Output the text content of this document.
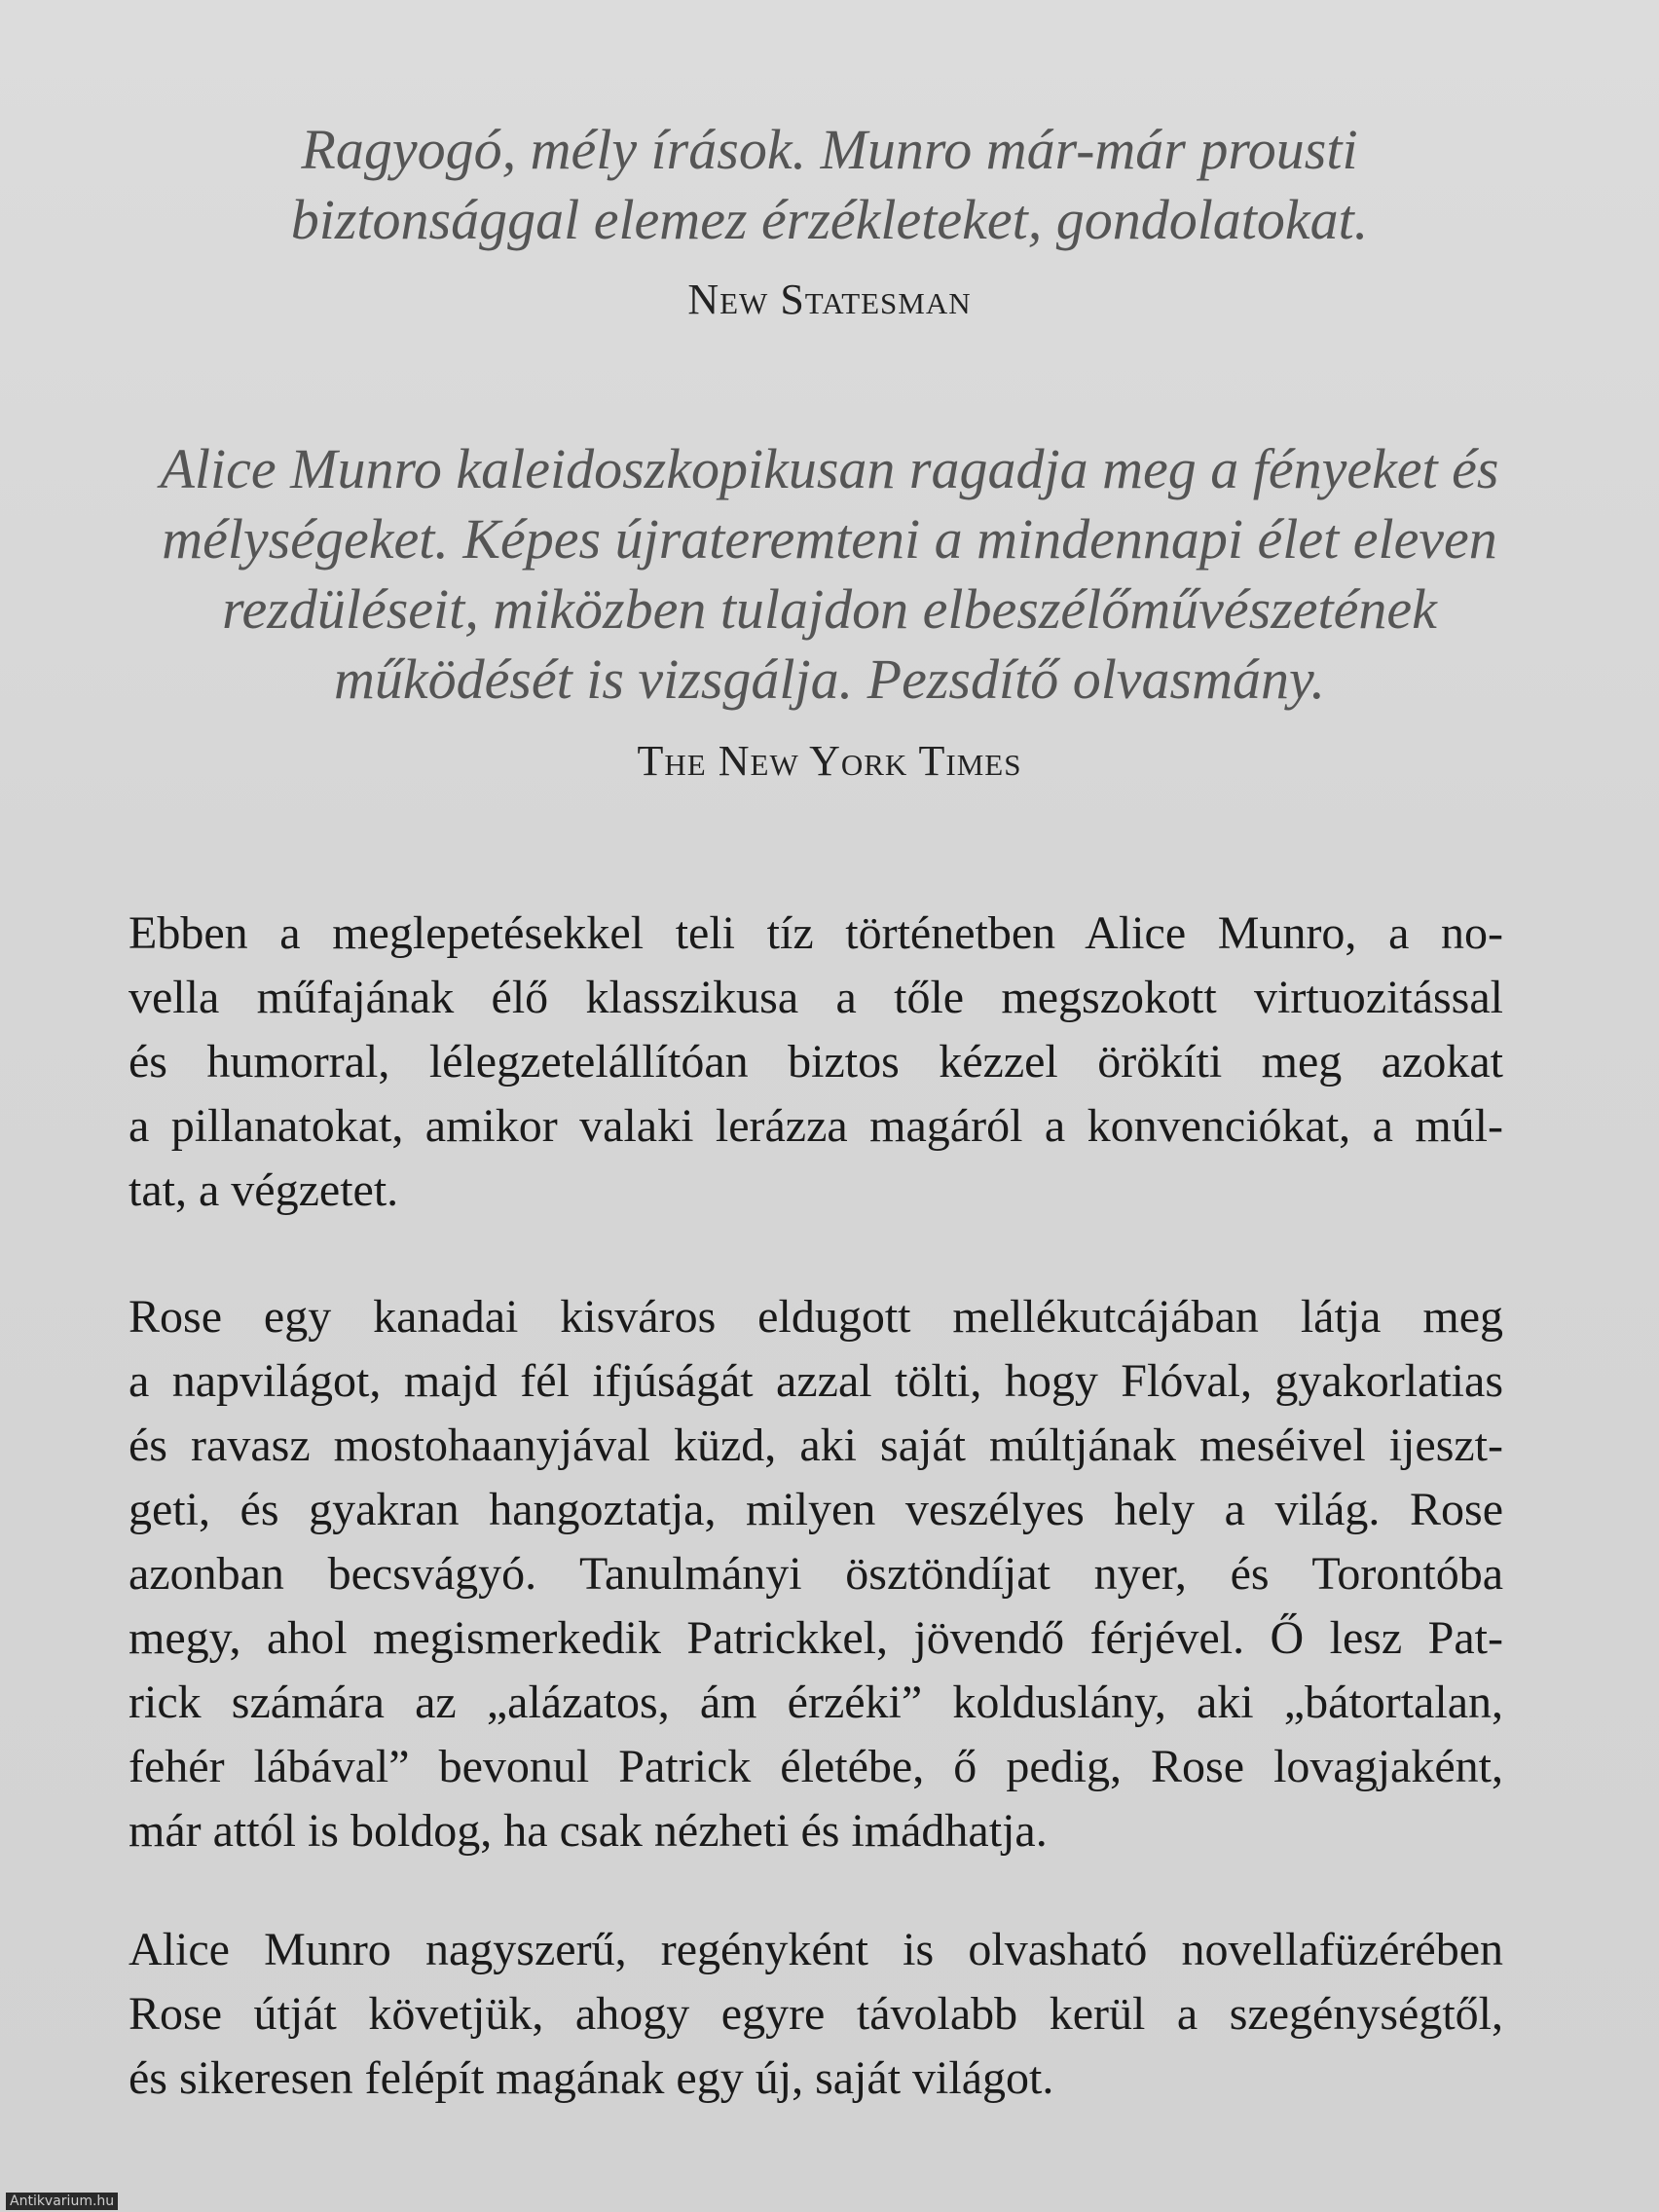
Ragyogó, mély írások. Munro már-már prousti
biztonsággal elemez érzékleteket, gondolatokat.
New Statesman
Alice Munro kaleidoszkopikusan ragadja meg a fényeket és
mélységeket. Képes újrateremteni a mindennapi élet eleven
rezdüléseit, miközben tulajdon elbeszélőművészetének
működését is vizsgálja. Pezsdítő olvasmány.
The New York Times
Ebben a meglepetésekkel teli tíz történetben Alice Munro, a no-
vella műfajának élő klasszikusa a tőle megszokott virtuozitással
és humorral, lélegzetelállítóan biztos kézzel örökíti meg azokat
a pillanatokat, amikor valaki lerázza magáról a konvenciókat, a múl-
tat, a végzetet.
Rose egy kanadai kisváros eldugott mellékutcájában látja meg
a napvilágot, majd fél ifjúságát azzal tölti, hogy Flóval, gyakorlatias
és ravasz mostohaanyjával küzd, aki saját múltjának meséivel ijeszt-
geti, és gyakran hangoztatja, milyen veszélyes hely a világ. Rose
azonban becsvágyó. Tanulmányi ösztöndíjat nyer, és Torontóba
megy, ahol megismerkedik Patrickkel, jövendő férjével. Ő lesz Pat-
rick számára az „alázatos, ám érzéki” kolduslány, aki „bátortalan,
fehér lábával” bevonul Patrick életébe, ő pedig, Rose lovagjaként,
már attól is boldog, ha csak nézheti és imádhatja.
Alice Munro nagyszerű, regényként is olvasható novellafüzérében
Rose útját követjük, ahogy egyre távolabb kerül a szegénységtől,
és sikeresen felépít magának egy új, saját világot.
Antikvarium.hu
